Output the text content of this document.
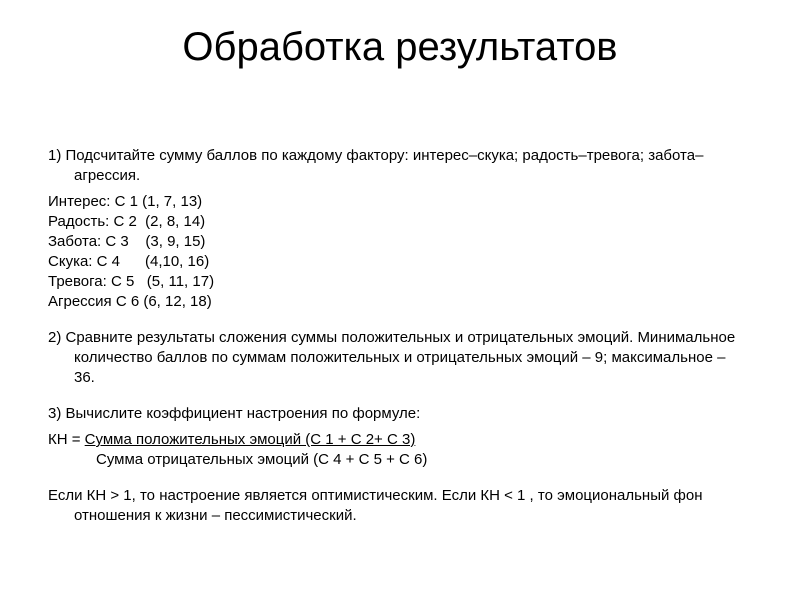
Обработка результатов

1) Подсчитайте сумму баллов по каждому фактору: интерес–скука; радость–тревога; забота–агрессия.

Интерес: С 1 (1, 7, 13)
Радость: С 2  (2, 8, 14)
Забота: С 3    (3, 9, 15)
Скука: С 4      (4,10, 16)
Тревога: С 5   (5, 11, 17)
Агрессия С 6 (6, 12, 18)

2) Сравните результаты сложения суммы положительных и отрицательных эмоций. Минимальное количество баллов по суммам положительных и отрицательных эмоций – 9; максимальное – 36.

3) Вычислите коэффициент настроения по формуле:

КН = Сумма положительных эмоций (С 1 + С 2+ С 3)
Сумма отрицательных эмоций (С 4 + С 5 + С 6)

Если КН > 1, то настроение является оптимистическим. Если КН < 1 , то эмоциональный фон отношения к жизни – пессимистический.
